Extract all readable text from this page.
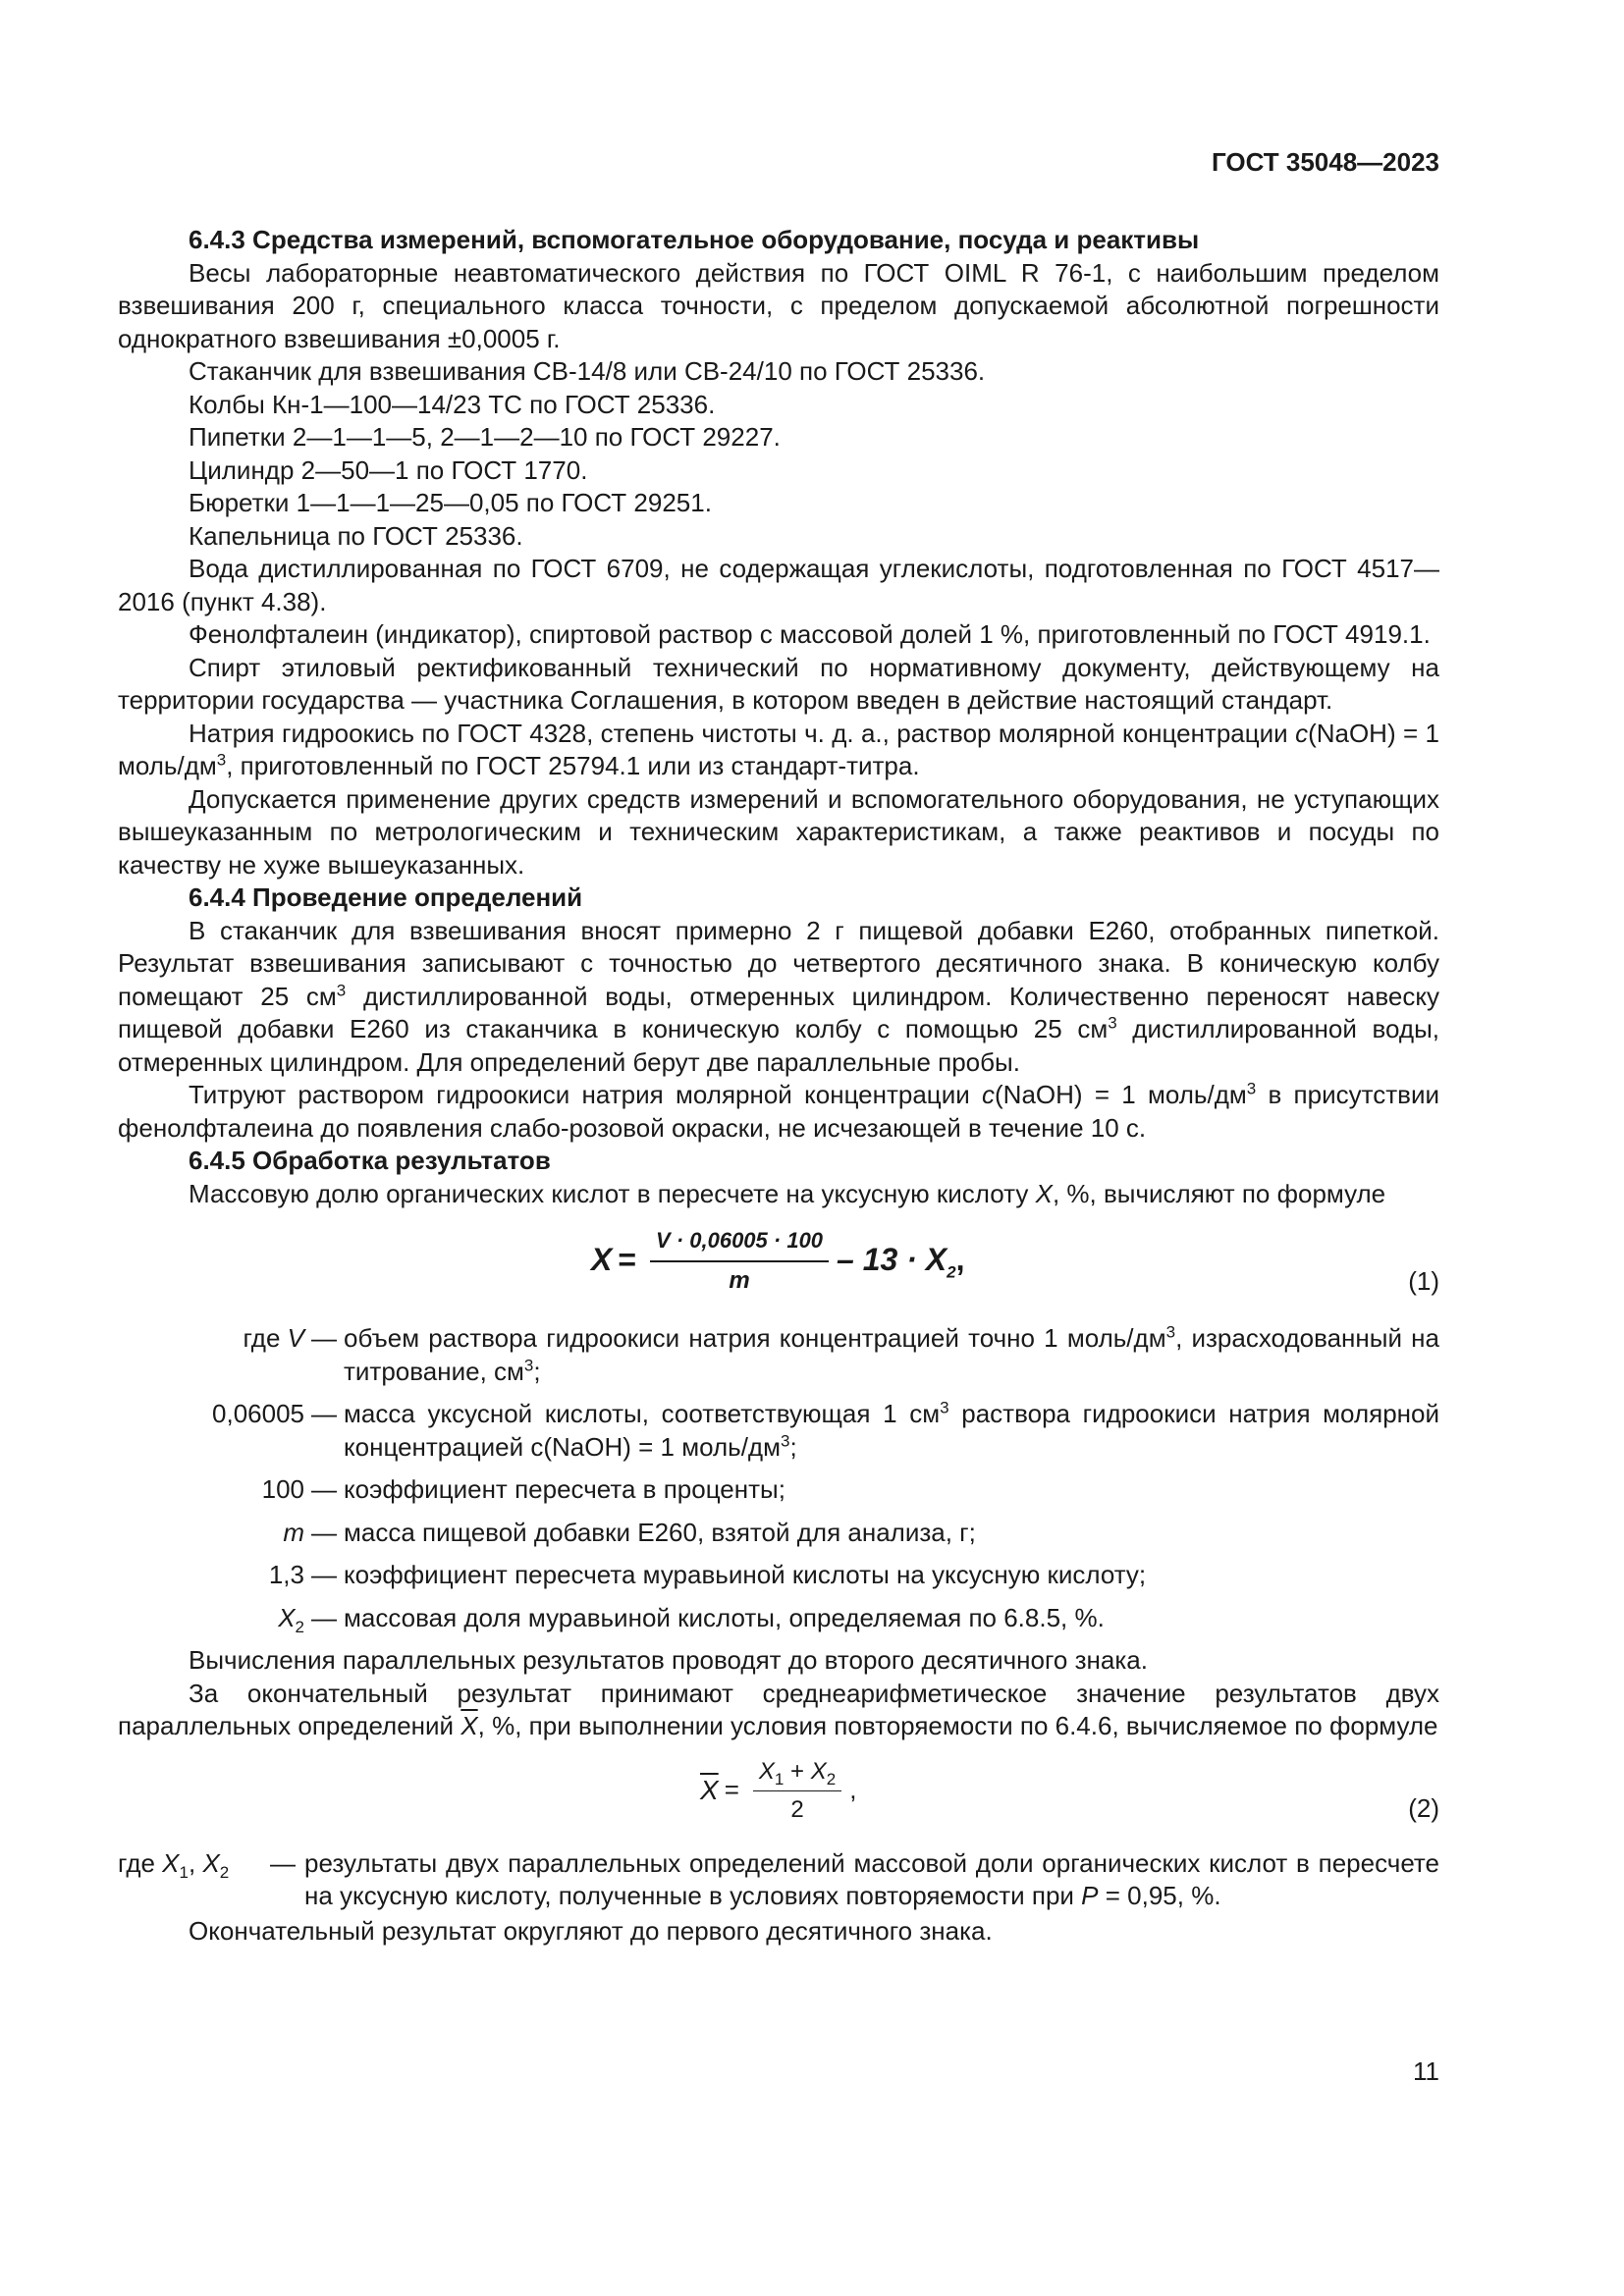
ГОСТ 35048—2023

6.4.3 Средства измерений, вспомогательное оборудование, посуда и реактивы

Весы лабораторные неавтоматического действия по ГОСТ OIML R 76-1, с наибольшим пределом взвешивания 200 г, специального класса точности, с пределом допускаемой абсолютной погрешности однократного взвешивания ±0,0005 г.

Стаканчик для взвешивания СВ-14/8 или СВ-24/10 по ГОСТ 25336.

Колбы Кн-1—100—14/23 ТС по ГОСТ 25336.

Пипетки 2—1—1—5, 2—1—2—10 по ГОСТ 29227.

Цилиндр 2—50—1 по ГОСТ 1770.

Бюретки 1—1—1—25—0,05 по ГОСТ 29251.

Капельница по ГОСТ 25336.

Вода дистиллированная по ГОСТ 6709, не содержащая углекислоты, подготовленная по ГОСТ 4517—2016 (пункт 4.38).

Фенолфталеин (индикатор), спиртовой раствор с массовой долей 1 %, приготовленный по ГОСТ 4919.1.

Спирт этиловый ректификованный технический по нормативному документу, действующему на территории государства — участника Соглашения, в котором введен в действие настоящий стандарт.

Натрия гидроокись по ГОСТ 4328, степень чистоты ч. д. а., раствор молярной концентрации c(NaOH) = 1 моль/$дм^3$, приготовленный по ГОСТ 25794.1 или из стандарт-титра.

Допускается применение других средств измерений и вспомогательного оборудования, не уступающих вышеуказанным по метрологическим и техническим характеристикам, а также реактивов и посуды по качеству не хуже вышеуказанных.

6.4.4 Проведение определений

В стаканчик для взвешивания вносят примерно 2 г пищевой добавки Е260, отобранных пипеткой. Результат взвешивания записывают с точностью до четвертого десятичного знака. В коническую колбу помещают 25 $см^3$ дистиллированной воды, отмеренных цилиндром. Количественно переносят навеску пищевой добавки Е260 из стаканчика в коническую колбу с помощью 25 $см^3$ дистиллированной воды, отмеренных цилиндром. Для определений берут две параллельные пробы.

Титруют раствором гидроокиси натрия молярной концентрации c(NaOH) = 1 моль/$дм^3$ в присутствии фенолфталеина до появления слабо-розовой окраски, не исчезающей в течение 10 с.

6.4.5 Обработка результатов

Массовую долю органических кислот в пересчете на уксусную кислоту X, %, вычисляют по формуле

$X = \frac{V \cdot 0,06005 \cdot 100}{m} - 13 \cdot X_2$,
(1)
где V — объем раствора гидроокиси натрия концентрацией точно 1 моль/$дм^3$, израсходованный на титрование, $см^3$;
0,06005 — масса уксусной кислоты, соответствующая 1 $см^3$ раствора гидроокиси натрия молярной концентрацией c(NaOH) = 1 моль/$дм^3$;
100 — коэффициент пересчета в проценты;
m — масса пищевой добавки Е260, взятой для анализа, г;
1,3 — коэффициент пересчета муравьиной кислоты на уксусную кислоту;
$X_2$ — массовая доля муравьиной кислоты, определяемая по 6.8.5, %.

Вычисления параллельных результатов проводят до второго десятичного знака.

За окончательный результат принимают среднеарифметическое значение результатов двух параллельных определений $\overline{X}$, %, при выполнении условия повторяемости по 6.4.6, вычисляемое по формуле

$\overline{X} = \frac{X_1 + X_2}{2}$ ,
(2)
где $X_1$, $X_2$	— результаты двух параллельных определений массовой доли органических кислот в пересчете на уксусную кислоту, полученные в условиях повторяемости при P = 0,95, %.

Окончательный результат округляют до первого десятичного знака.

11
